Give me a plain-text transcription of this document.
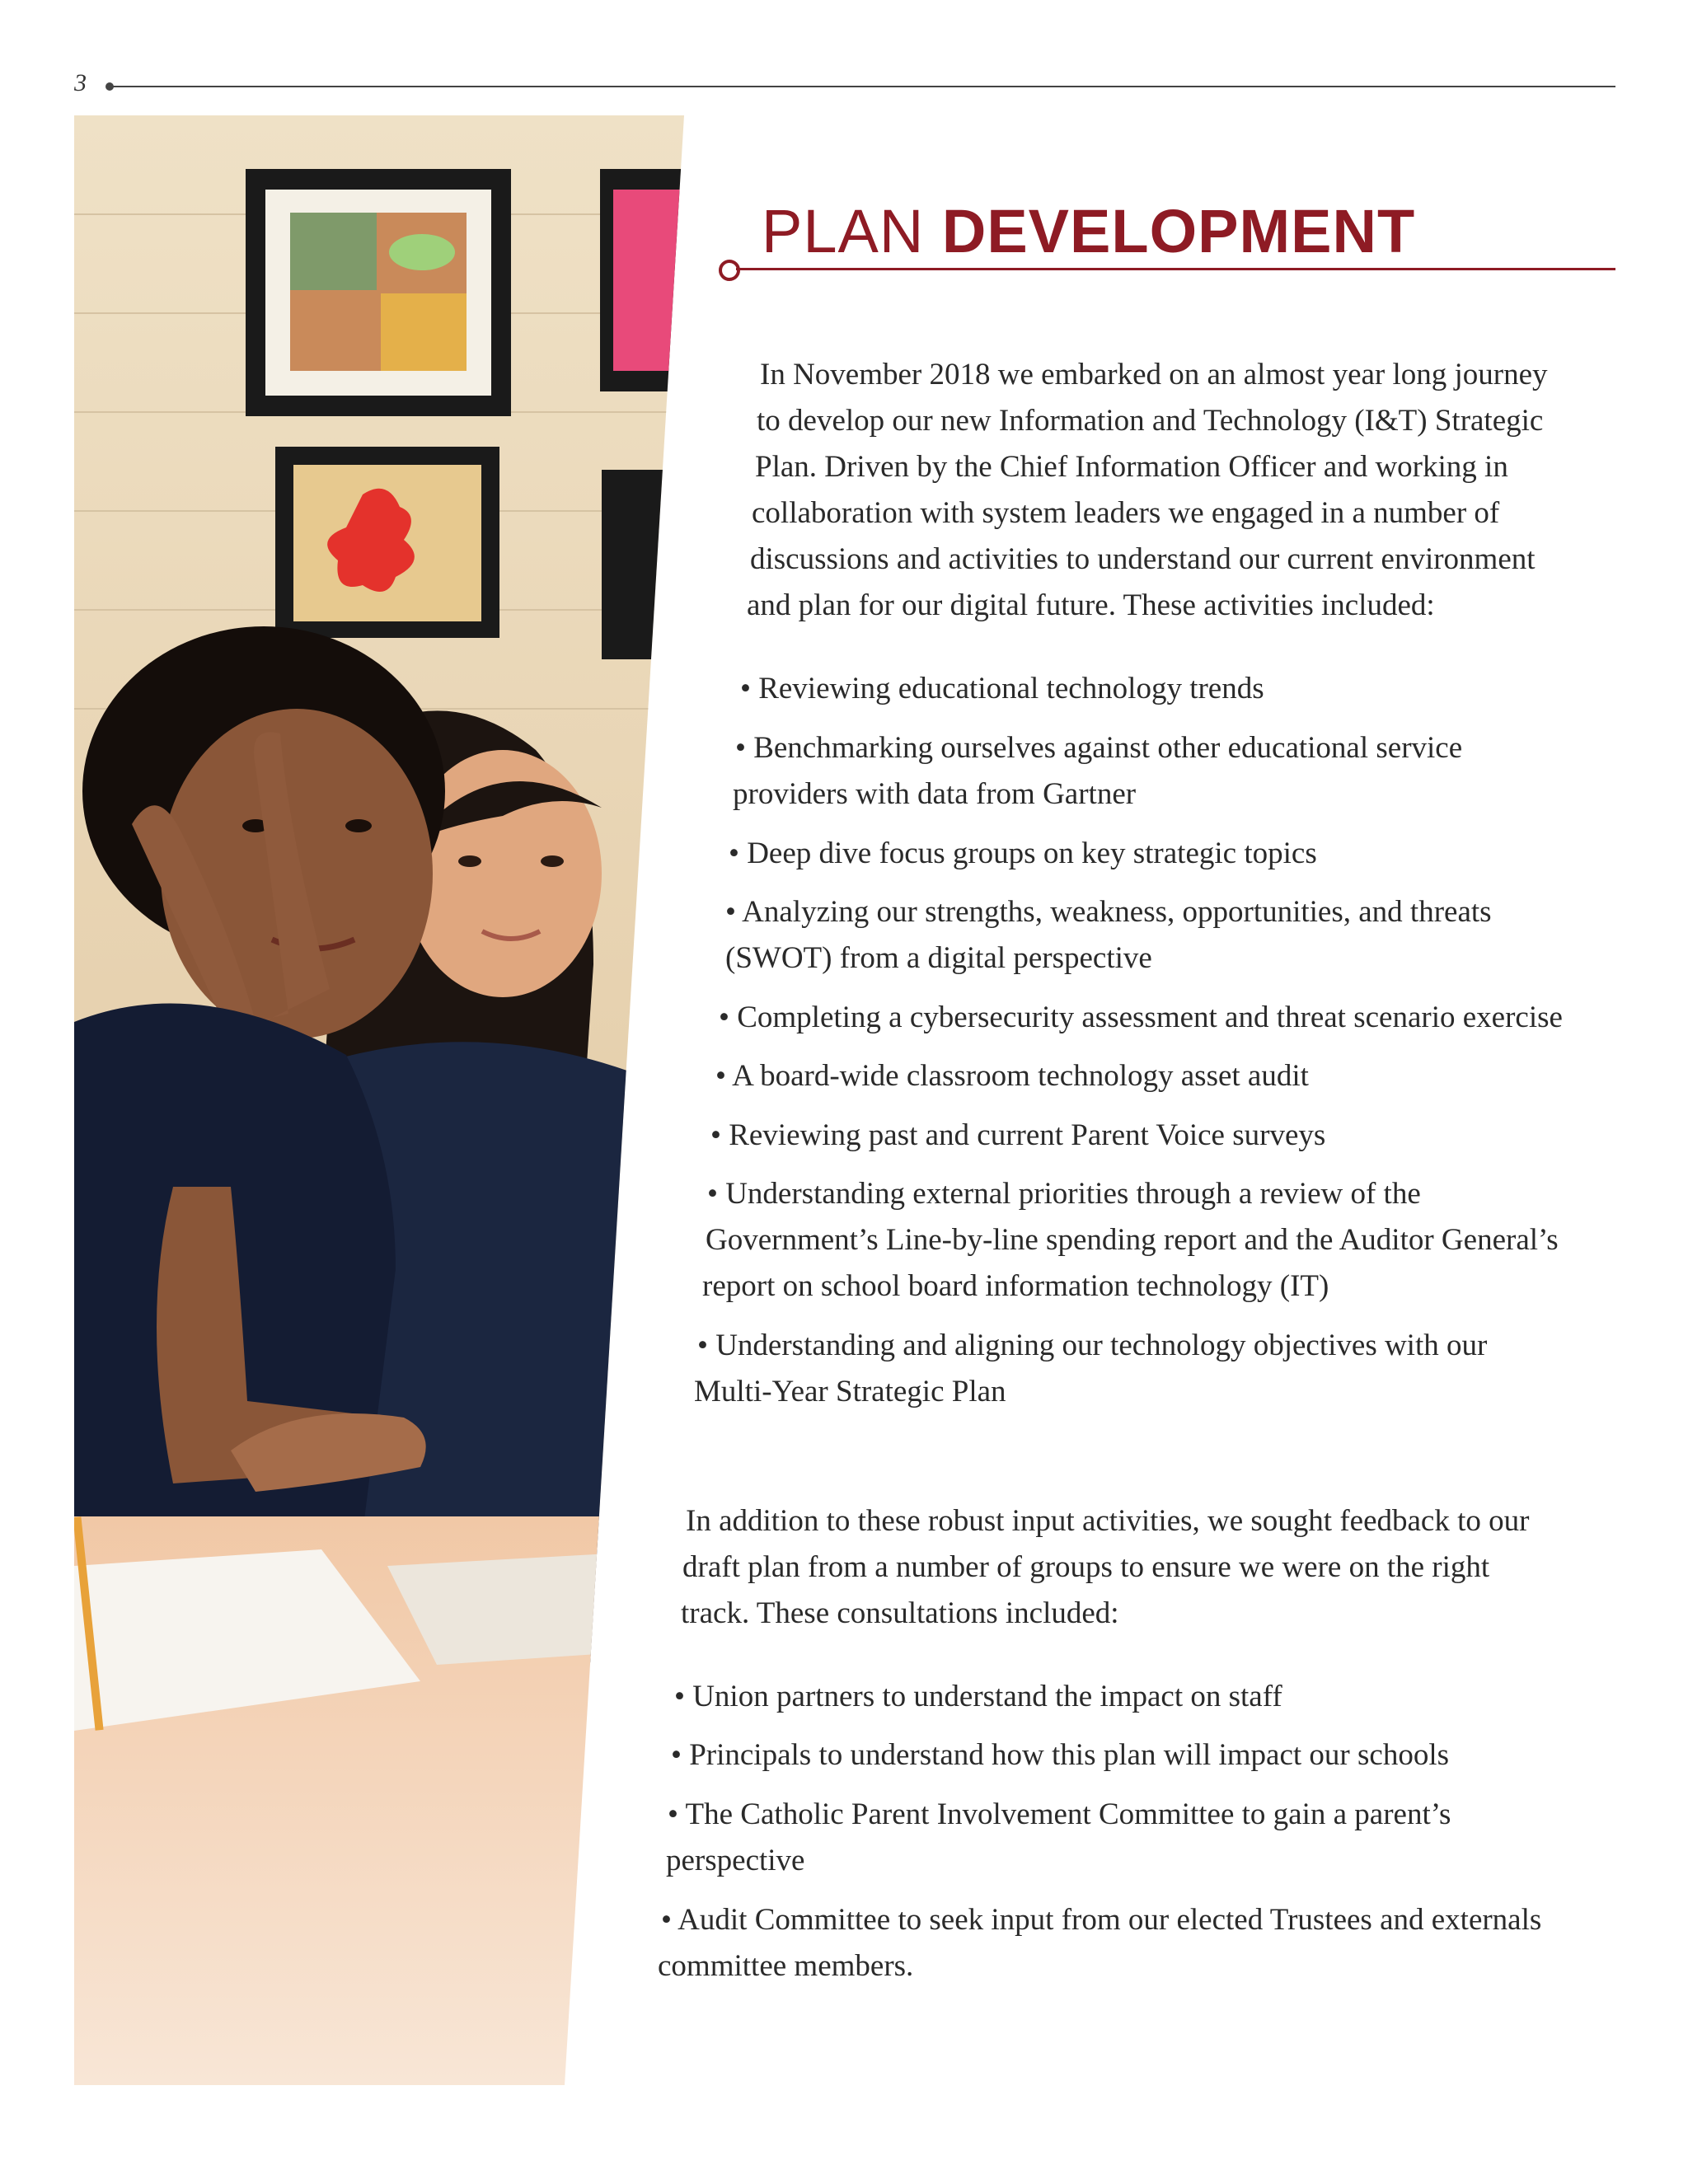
3
PLAN DEVELOPMENT
In November 2018 we embarked on an almost year long journey
to develop our new Information and Technology (I&T) Strategic
Plan. Driven by the Chief Information Officer and working in
collaboration with system leaders we engaged in a number of
discussions and activities to understand our current environment
and plan for our digital future. These activities included:
• Reviewing educational technology trends
• Benchmarking ourselves against other educational service
providers with data from Gartner
• Deep dive focus groups on key strategic topics
• Analyzing our strengths, weakness, opportunities, and threats
(SWOT) from a digital perspective
• Completing a cybersecurity assessment and threat scenario exercise
• A board-wide classroom technology asset audit
• Reviewing past and current Parent Voice surveys
• Understanding external priorities through a review of the
Government’s Line-by-line spending report and the Auditor General’s
report on school board information technology (IT)
• Understanding and aligning our technology objectives with our
Multi-Year Strategic Plan
In addition to these robust input activities, we sought feedback to our
draft plan from a number of groups to ensure we were on the right
track. These consultations included:
• Union partners to understand the impact on staff
• Principals to understand how this plan will impact our schools
• The Catholic Parent Involvement Committee to gain a parent’s
perspective
• Audit Committee to seek input from our elected Trustees and externals
committee members.
